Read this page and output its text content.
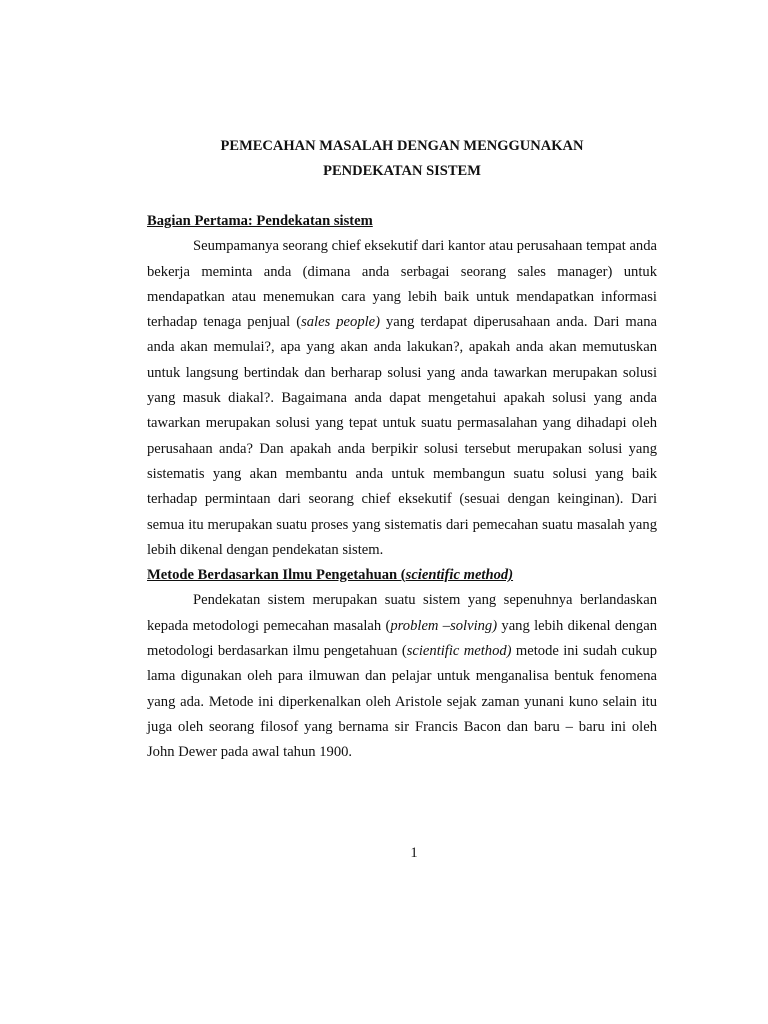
PEMECAHAN MASALAH DENGAN MENGGUNAKAN
PENDEKATAN SISTEM

Bagian Pertama: Pendekatan sistem

Seumpamanya seorang chief eksekutif dari kantor atau perusahaan tempat anda bekerja meminta anda (dimana anda serbagai seorang sales manager) untuk mendapatkan atau menemukan cara yang lebih baik untuk mendapatkan informasi terhadap tenaga penjual (sales people) yang terdapat diperusahaan anda. Dari mana anda akan memulai?, apa yang akan anda lakukan?, apakah anda akan memutuskan untuk langsung bertindak dan berharap solusi yang anda tawarkan merupakan solusi yang masuk diakal?. Bagaimana anda dapat mengetahui apakah solusi yang anda tawarkan merupakan solusi yang tepat untuk suatu permasalahan yang dihadapi oleh perusahaan anda? Dan apakah anda berpikir solusi tersebut merupakan solusi yang sistematis yang akan membantu anda untuk membangun suatu solusi yang baik terhadap permintaan dari seorang chief eksekutif (sesuai dengan keinginan). Dari semua itu merupakan suatu proses yang sistematis dari pemecahan suatu masalah yang lebih dikenal dengan pendekatan sistem.

Metode Berdasarkan Ilmu Pengetahuan (scientific method)

Pendekatan sistem merupakan suatu sistem yang sepenuhnya berlandaskan kepada metodologi pemecahan masalah (problem –solving) yang lebih dikenal dengan metodologi berdasarkan ilmu pengetahuan (scientific method) metode ini sudah cukup lama digunakan oleh para ilmuwan dan pelajar untuk menganalisa bentuk fenomena yang ada. Metode ini diperkenalkan oleh Aristole sejak zaman yunani kuno selain itu juga oleh seorang filosof yang bernama sir Francis Bacon dan baru – baru ini oleh John Dewer pada awal tahun 1900.

1
